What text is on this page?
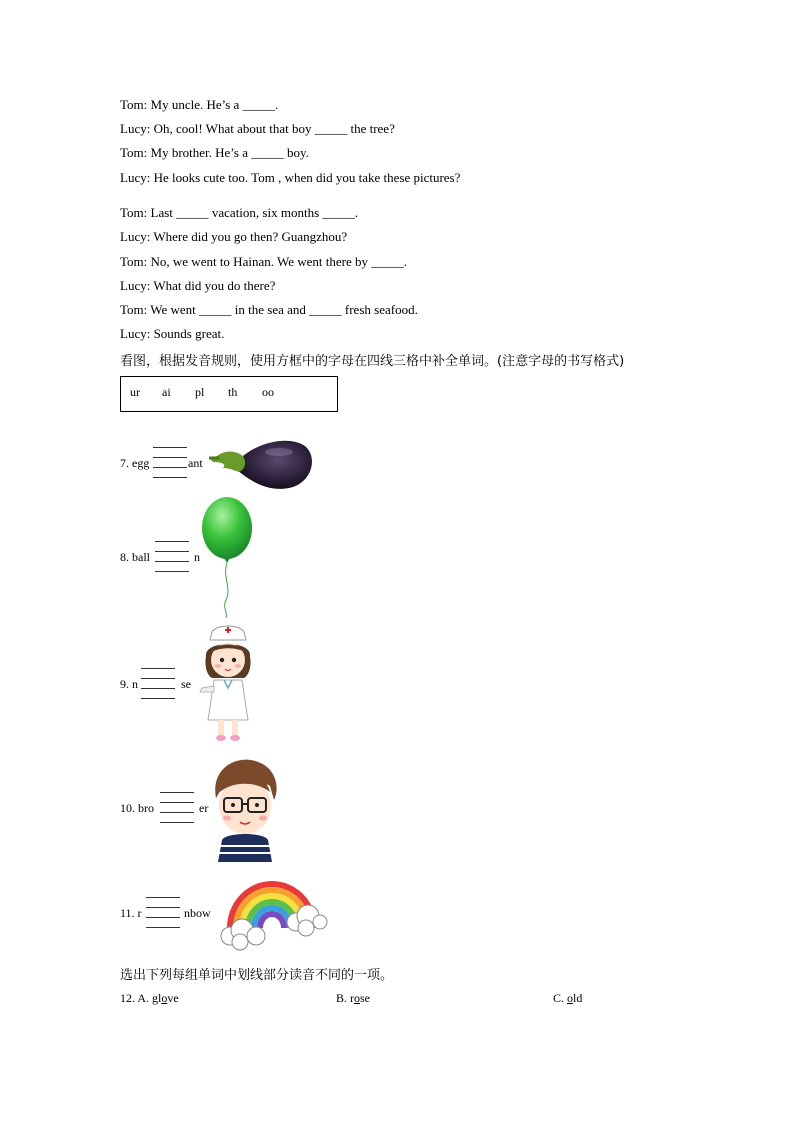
Tom: My uncle. He’s a _____.
Lucy: Oh, cool! What about that boy _____ the tree?
Tom: My brother. He’s a _____ boy.
Lucy: He looks cute too. Tom , when did you take these pictures?
Tom: Last _____ vacation, six months _____.
Lucy: Where did you go then? Guangzhou?
Tom: No, we went to Hainan. We went there by _____.
Lucy: What did you do there?
Tom: We went _____ in the sea and _____ fresh seafood.
Lucy: Sounds great.
看图，根据发音规则，使用方框中的字母在四线三格中补全单词。(注意字母的书写格式)
ur ai pl th oo
7. egg	ant
8. ball	n
9. n	se
10. bro	er
11. r	nbow
选出下列每组单词中划线部分读音不同的一项。
12. A. glove	B. rose	C. old
